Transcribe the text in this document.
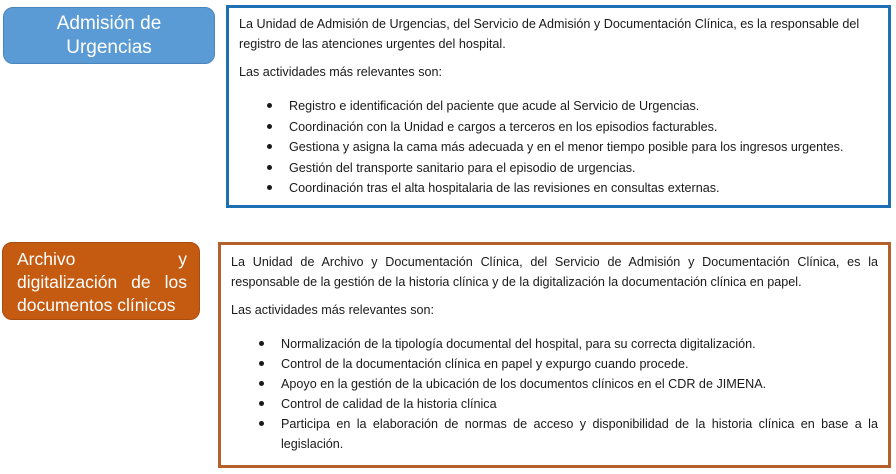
Admisión de
Urgencias

La Unidad de Admisión de Urgencias, del Servicio de Admisión y Documentación Clínica, es la responsable del registro de las atenciones urgentes del hospital.

Las actividades más relevantes son:

Registro e identificación del paciente que acude al Servicio de Urgencias.
Coordinación con la Unidad e cargos a terceros en los episodios facturables.
Gestiona y asigna la cama más adecuada y en el menor tiempo posible para los ingresos urgentes.
Gestión del transporte sanitario para el episodio de urgencias.
Coordinación tras el alta hospitalaria de las revisiones en consultas externas.
Archivo y
digitalización de los
documentos clínicos

La Unidad de Archivo y Documentación Clínica, del Servicio de Admisión y Documentación Clínica, es la responsable de la gestión de la historia clínica y de la digitalización la documentación clínica en papel.

Las actividades más relevantes son:

Normalización de la tipología documental del hospital, para su correcta digitalización.
Control de la documentación clínica en papel y expurgo cuando procede.
Apoyo en la gestión de la ubicación de los documentos clínicos en el CDR de JIMENA.
Control de calidad de la historia clínica
Participa en la elaboración de normas de acceso y disponibilidad de la historia clínica en base a la legislación.
